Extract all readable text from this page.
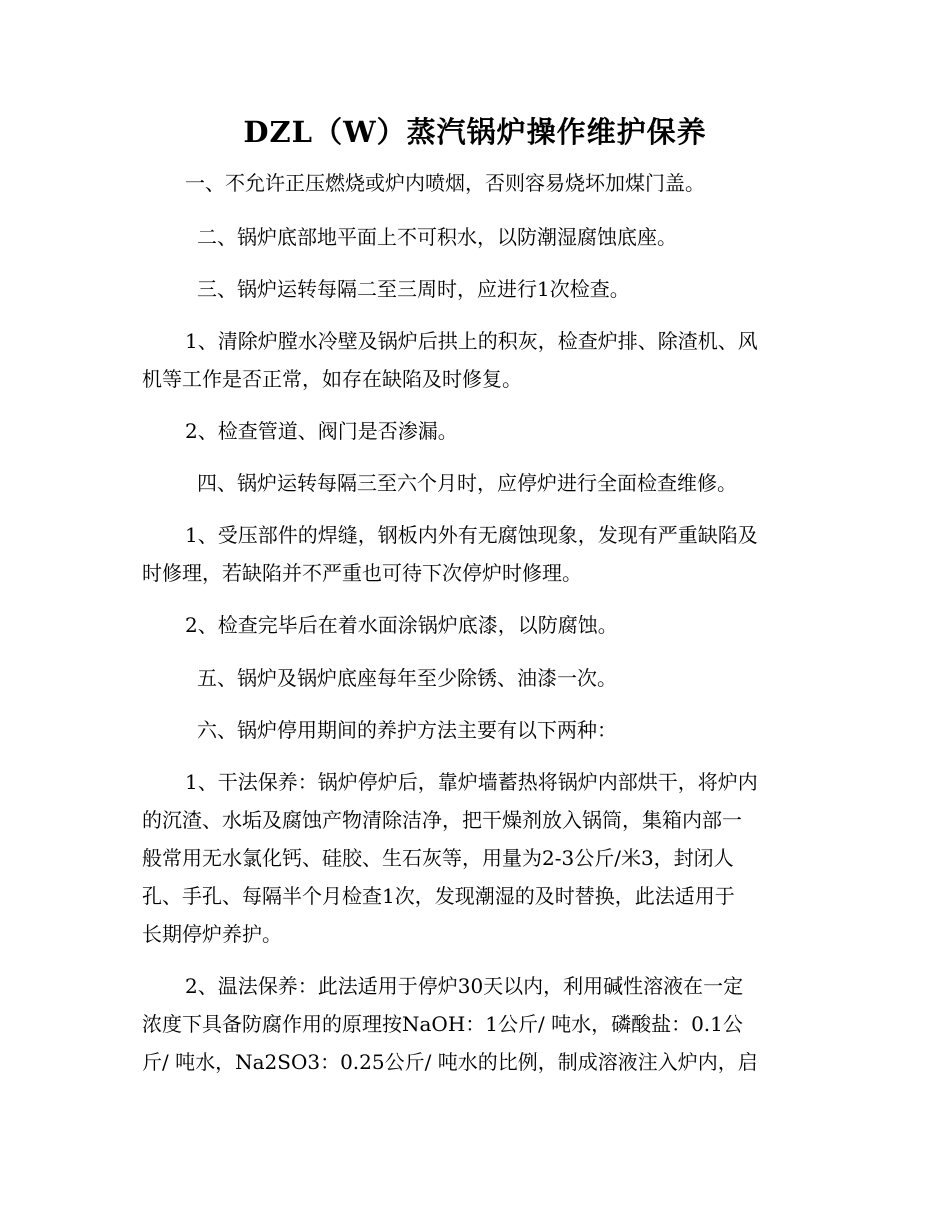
DZL（W）蒸汽锅炉操作维护保养
一、不允许正压燃烧或炉内喷烟，否则容易烧坏加煤门盖。
二、锅炉底部地平面上不可积水，以防潮湿腐蚀底座。
三、锅炉运转每隔二至三周时，应进行1次检查。
1、清除炉膛水冷壁及锅炉后拱上的积灰，检查炉排、除渣机、风
机等工作是否正常，如存在缺陷及时修复。
2、检查管道、阀门是否渗漏。
四、锅炉运转每隔三至六个月时，应停炉进行全面检查维修。
1、受压部件的焊缝，钢板内外有无腐蚀现象，发现有严重缺陷及
时修理，若缺陷并不严重也可待下次停炉时修理。
2、检查完毕后在着水面涂锅炉底漆，以防腐蚀。
五、锅炉及锅炉底座每年至少除锈、油漆一次。
六、锅炉停用期间的养护方法主要有以下两种：
1、干法保养：锅炉停炉后，靠炉墙蓄热将锅炉内部烘干，将炉内
的沉渣、水垢及腐蚀产物清除洁净，把干燥剂放入锅筒，集箱内部一
般常用无水氯化钙、硅胶、生石灰等，用量为2-3公斤/米3，封闭人
孔、手孔、每隔半个月检查1次，发现潮湿的及时替换，此法适用于
长期停炉养护。
2、温法保养：此法适用于停炉30天以内，利用碱性溶液在一定
浓度下具备防腐作用的原理按NaOH：1公斤/ 吨水，磷酸盐：0.1公
斤/ 吨水，Na2SO3：0.25公斤/ 吨水的比例，制成溶液注入炉内，启
